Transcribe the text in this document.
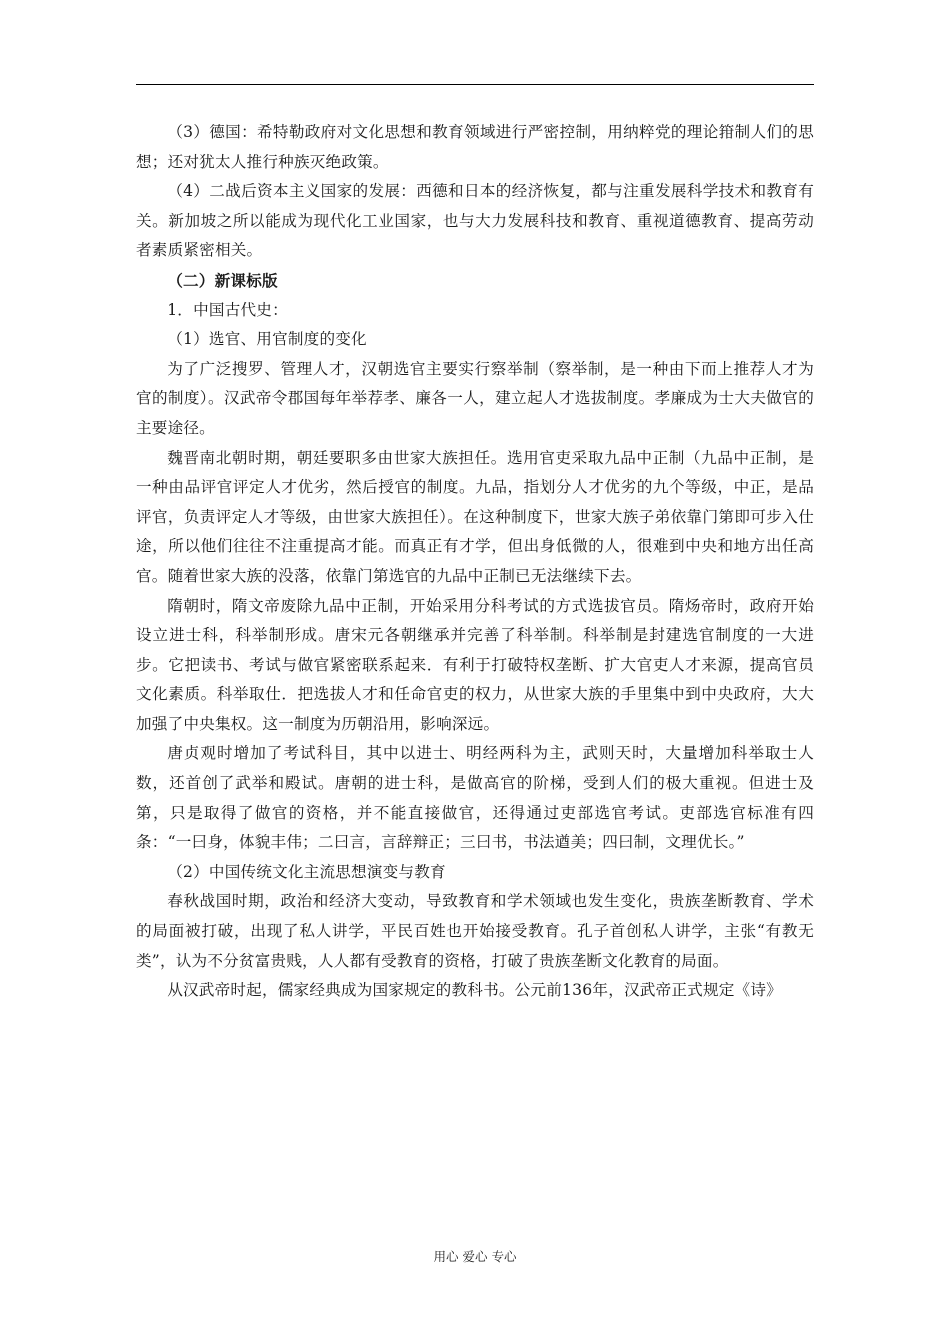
（3）德国：希特勒政府对文化思想和教育领域进行严密控制，用纳粹党的理论箝制人们的思想；还对犹太人推行种族灭绝政策。

（4）二战后资本主义国家的发展：西德和日本的经济恢复，都与注重发展科学技术和教育有关。新加坡之所以能成为现代化工业国家，也与大力发展科技和教育、重视道德教育、提高劳动者素质紧密相关。

（二）新课标版

1．中国古代史：

（1）选官、用官制度的变化

为了广泛搜罗、管理人才，汉朝选官主要实行察举制（察举制，是一种由下而上推荐人才为官的制度）。汉武帝令郡国每年举荐孝、廉各一人，建立起人才选拔制度。孝廉成为士大夫做官的主要途径。

魏晋南北朝时期，朝廷要职多由世家大族担任。选用官吏采取九品中正制（九品中正制，是一种由品评官评定人才优劣，然后授官的制度。九品，指划分人才优劣的九个等级，中正，是品评官，负责评定人才等级，由世家大族担任）。在这种制度下，世家大族子弟依靠门第即可步入仕途，所以他们往往不注重提高才能。而真正有才学，但出身低微的人，很难到中央和地方出任高官。随着世家大族的没落，依靠门第选官的九品中正制已无法继续下去。

隋朝时，隋文帝废除九品中正制，开始采用分科考试的方式选拔官员。隋炀帝时，政府开始设立进士科，科举制形成。唐宋元各朝继承并完善了科举制。科举制是封建选官制度的一大进步。它把读书、考试与做官紧密联系起来．有利于打破特权垄断、扩大官吏人才来源，提高官员文化素质。科举取仕．把选拔人才和任命官吏的权力，从世家大族的手里集中到中央政府，大大加强了中央集权。这一制度为历朝沿用，影响深远。

唐贞观时增加了考试科目，其中以进士、明经两科为主，武则天时，大量增加科举取士人数，还首创了武举和殿试。唐朝的进士科，是做高官的阶梯，受到人们的极大重视。但进士及第，只是取得了做官的资格，并不能直接做官，还得通过吏部选官考试。吏部选官标准有四条：“一曰身，体貌丰伟；二曰言，言辞辩正；三曰书，书法遒美；四曰制，文理优长。”

（2）中国传统文化主流思想演变与教育

春秋战国时期，政治和经济大变动，导致教育和学术领域也发生变化，贵族垄断教育、学术的局面被打破，出现了私人讲学，平民百姓也开始接受教育。孔子首创私人讲学，主张“有教无类”，认为不分贫富贵贱，人人都有受教育的资格，打破了贵族垄断文化教育的局面。

从汉武帝时起，儒家经典成为国家规定的教科书。公元前136年，汉武帝正式规定《诗》

用心 爱心 专心
